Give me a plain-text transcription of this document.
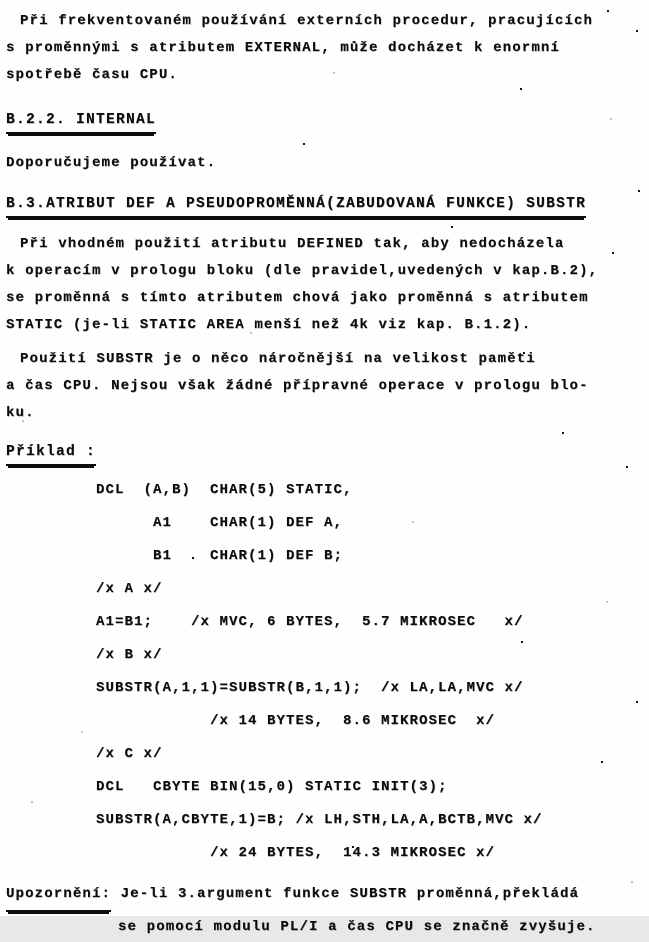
Při frekventovaném používání externích procedur, pracujících
s proměnnými s atributem EXTERNAL, může docházet k enormní
spotřebě času CPU.
B.2.2. INTERNAL
Doporučujeme používat.
B.3.ATRIBUT DEF A PSEUDOPROMĚNNÁ(ZABUDOVANÁ FUNKCE) SUBSTR
Při vhodném použití atributu DEFINED tak, aby nedocházela
k operacím v prologu bloku (dle pravidel,uvedených v kap.B.2),
se proměnná s tímto atributem chová jako proměnná s atributem
STATIC (je-li STATIC AREA menší než 4k viz kap. B.1.2).
Použití SUBSTR je o něco náročnější na velikost paměti
a čas CPU. Nejsou však žádné přípravné operace v prologu blo-
ku.
Příklad :
DCL  (A,B)  CHAR(5) STATIC,
A1    CHAR(1) DEF A,
B1    CHAR(1) DEF B;
/x A x/
A1=B1;    /x MVC, 6 BYTES,  5.7 MIKROSEC   x/
/x B x/
SUBSTR(A,1,1)=SUBSTR(B,1,1);  /x LA,LA,MVC x/
/x 14 BYTES,  8.6 MIKROSEC  x/
/x C x/
DCL   CBYTE BIN(15,0) STATIC INIT(3);
SUBSTR(A,CBYTE,1)=B; /x LH,STH,LA,A,BCTB,MVC x/
/x 24 BYTES,  14.3 MIKROSEC x/
Upozornění: Je-li 3.argument funkce SUBSTR proměnná,překládá
se pomocí modulu PL/I a čas CPU se značně zvyšuje.
